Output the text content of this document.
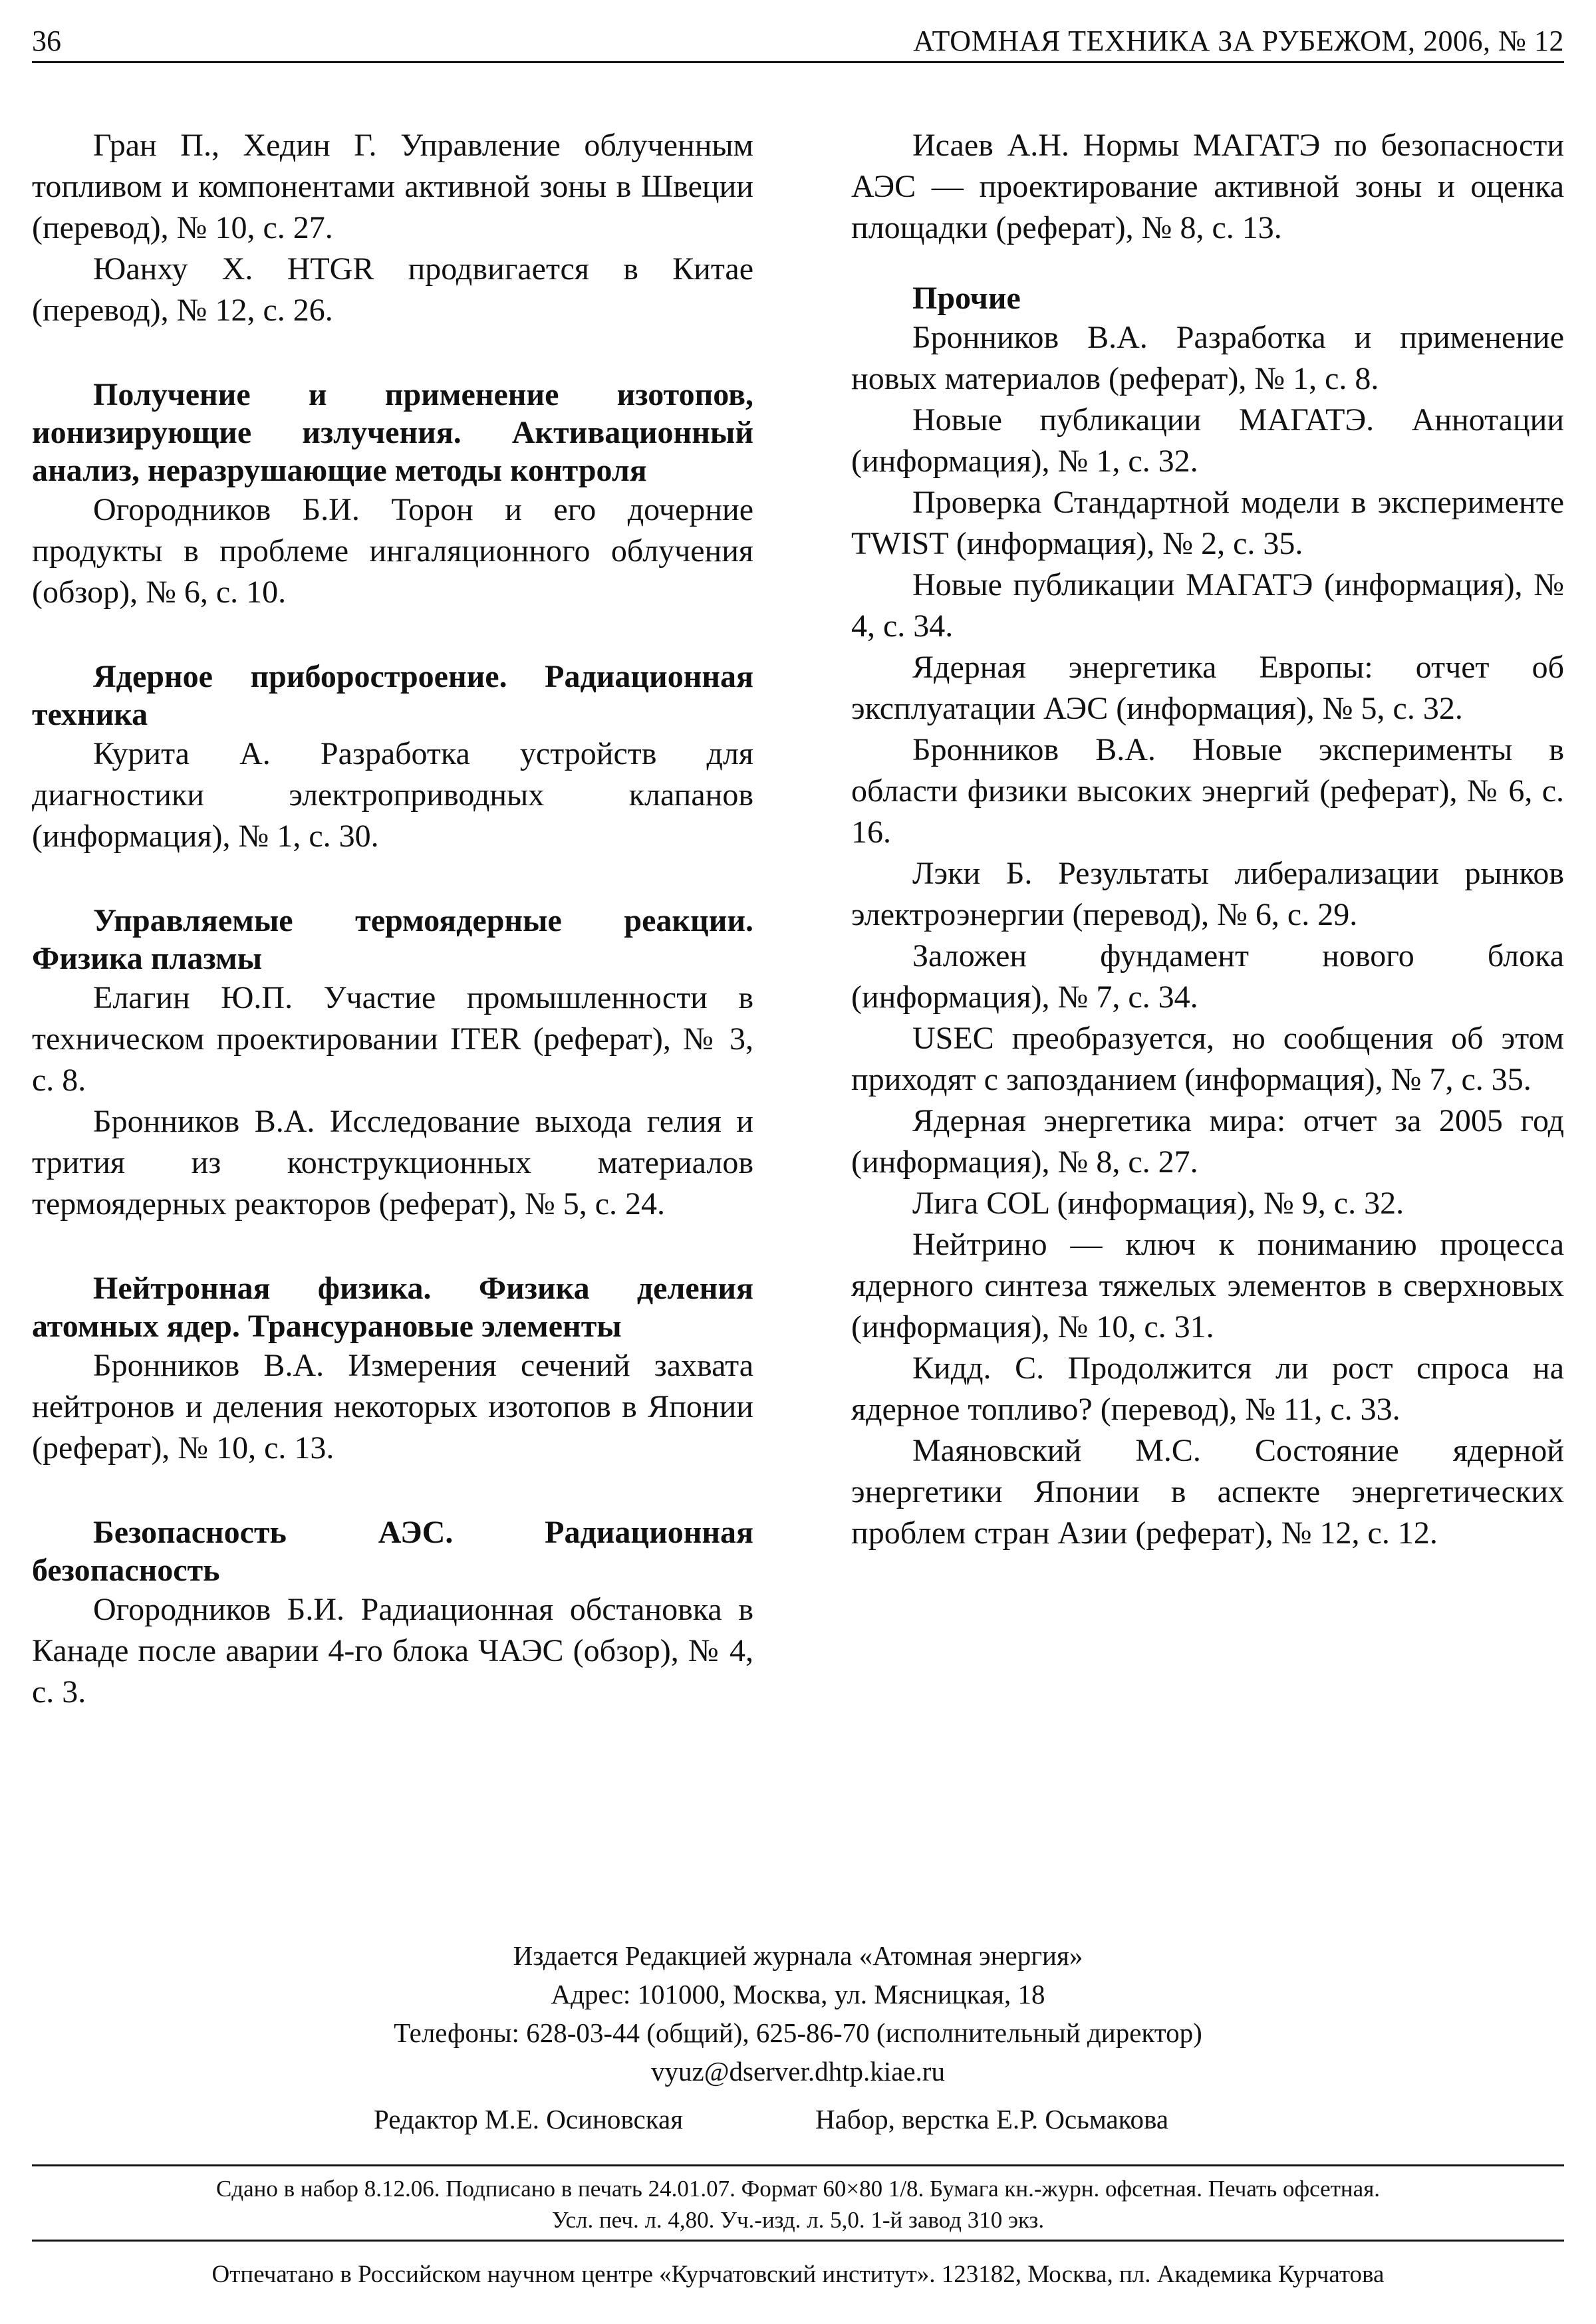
36	АТОМНАЯ ТЕХНИКА ЗА РУБЕЖОМ, 2006, № 12

Гран П., Хедин Г. Управление облученным топливом и компонентами активной зоны в Швеции (перевод), № 10, с. 27.

Юанху X. HTGR продвигается в Китае (перевод), № 12, с. 26.

Получение и применение изотопов, ионизирующие излучения. Активационный анализ, неразрушающие методы контроля

Огородников Б.И. Торон и его дочерние продукты в проблеме ингаляционного облучения (обзор), № 6, с. 10.

Ядерное приборостроение. Радиационная техника

Курита А. Разработка устройств для диагностики электроприводных клапанов (информация), № 1, с. 30.

Управляемые термоядерные реакции. Физика плазмы

Елагин Ю.П. Участие промышленности в техническом проектировании ITER (реферат), № 3, с. 8.

Бронников В.А. Исследование выхода гелия и трития из конструкционных материалов термоядерных реакторов (реферат), № 5, с. 24.

Нейтронная физика. Физика деления атомных ядер. Трансурановые элементы

Бронников В.А. Измерения сечений захвата нейтронов и деления некоторых изотопов в Японии (реферат), № 10, с. 13.

Безопасность АЭС. Радиационная безопасность

Огородников Б.И. Радиационная обстановка в Канаде после аварии 4-го блока ЧАЭС (обзор), № 4, с. 3.

Исаев А.Н. Нормы МАГАТЭ по безопасности АЭС — проектирование активной зоны и оценка площадки (реферат), № 8, с. 13.

Прочие

Бронников В.А. Разработка и применение новых материалов (реферат), № 1, с. 8.

Новые публикации МАГАТЭ. Аннотации (информация), № 1, с. 32.

Проверка Стандартной модели в эксперименте TWIST (информация), № 2, с. 35.

Новые публикации МАГАТЭ (информация), № 4, с. 34.

Ядерная энергетика Европы: отчет об эксплуатации АЭС (информация), № 5, с. 32.

Бронников В.А. Новые эксперименты в области физики высоких энергий (реферат), № 6, с. 16.

Лэки Б. Результаты либерализации рынков электроэнергии (перевод), № 6, с. 29.

Заложен фундамент нового блока (информация), № 7, с. 34.

USEC преобразуется, но сообщения об этом приходят с запозданием (информация), № 7, с. 35.

Ядерная энергетика мира: отчет за 2005 год (информация), № 8, с. 27.

Лига COL (информация), № 9, с. 32.

Нейтрино — ключ к пониманию процесса ядерного синтеза тяжелых элементов в сверхновых (информация), № 10, с. 31.

Кидд. С. Продолжится ли рост спроса на ядерное топливо? (перевод), № 11, с. 33.

Маяновский М.С. Состояние ядерной энергетики Японии в аспекте энергетических проблем стран Азии (реферат), № 12, с. 12.

Издается Редакцией журнала «Атомная энергия»
Адрес: 101000, Москва, ул. Мясницкая, 18
Телефоны: 628-03-44 (общий), 625-86-70 (исполнительный директор)
vyuz@dserver.dhtp.kiae.ru
Редактор М.Е. Осиновская	Набор, верстка Е.Р. Осьмакова
Сдано в набор 8.12.06. Подписано в печать 24.01.07. Формат 60×80 1/8. Бумага кн.-журн. офсетная. Печать офсетная.
Усл. печ. л. 4,80. Уч.-изд. л. 5,0. 1-й завод 310 экз.
Отпечатано в Российском научном центре «Курчатовский институт». 123182, Москва, пл. Академика Курчатова
